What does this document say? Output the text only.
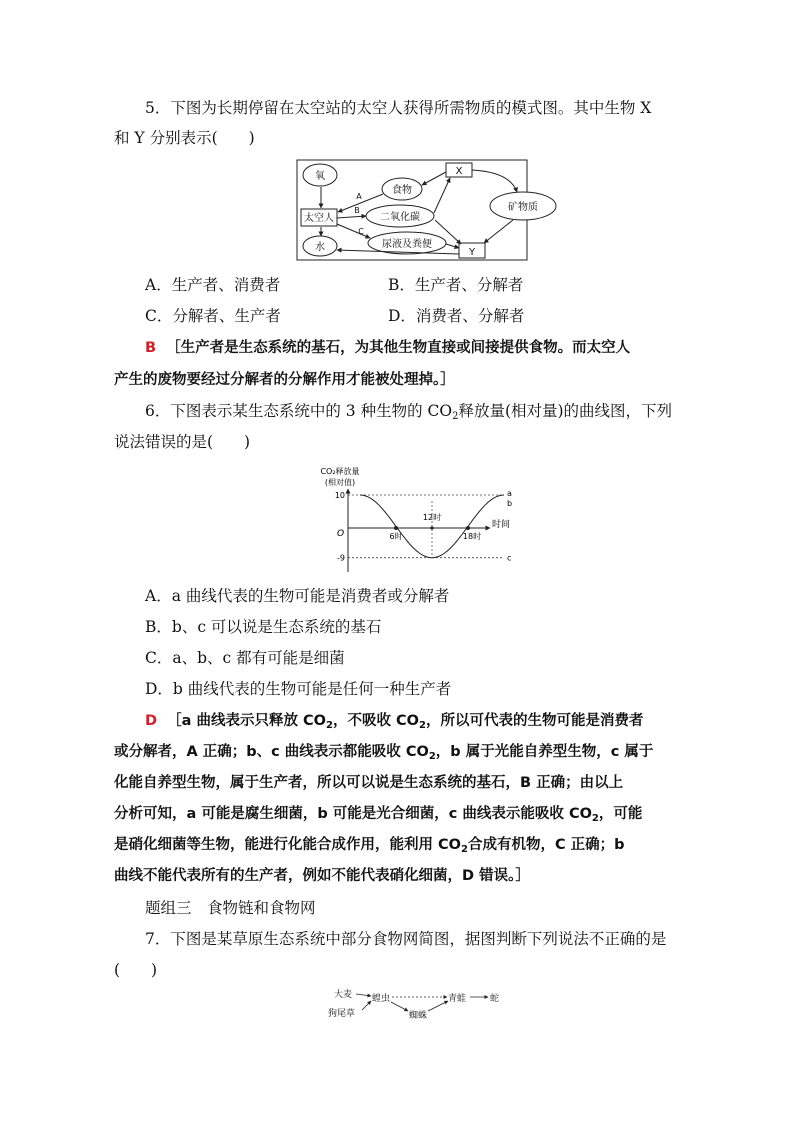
5．下图为长期停留在太空站的太空人获得所需物质的模式图。其中生物 X
和 Y 分别表示(　　)
氧
食物
X
太空人	二氧化碳
矿物质
水	尿液及粪便
Y
A
B
C
A．生产者、消费者	B．生产者、分解者
C．分解者、生产者	D．消费者、分解者
B ［生产者是生态系统的基石，为其他生物直接或间接提供食物。而太空人
产生的废物要经过分解者的分解作用才能被处理掉。］
6．下图表示某生态系统中的 3 种生物的 $CO_2$释放量(相对量)的曲线图，下列
说法错误的是(　　)
CO₂释放量
(相对值)
时间
O
10
-9
6时
12时
18时
a
b
c
A．a 曲线代表的生物可能是消费者或分解者
B．b、c 可以说是生态系统的基石
C．a、b、c 都有可能是细菌
D．b 曲线代表的生物可能是任何一种生产者
D ［a 曲线表示只释放 $CO_2$，不吸收 $CO_2$，所以可代表的生物可能是消费者
或分解者，A 正确；b、c 曲线表示都能吸收 $CO_2$，b 属于光能自养型生物，c 属于
化能自养型生物，属于生产者，所以可以说是生态系统的基石，B 正确；由以上
分析可知，a 可能是腐生细菌，b 可能是光合细菌，c 曲线表示能吸收 $CO_2$，可能
是硝化细菌等生物，能进行化能合成作用，能利用 $CO_2$合成有机物，C 正确；b
曲线不能代表所有的生产者，例如不能代表硝化细菌，D 错误。］
题组三　食物链和食物网
7．下图是某草原生态系统中部分食物网简图，据图判断下列说法不正确的是
(　　)
大麦
狗尾草
蝗虫
蜘蛛
青蛙	蛇
